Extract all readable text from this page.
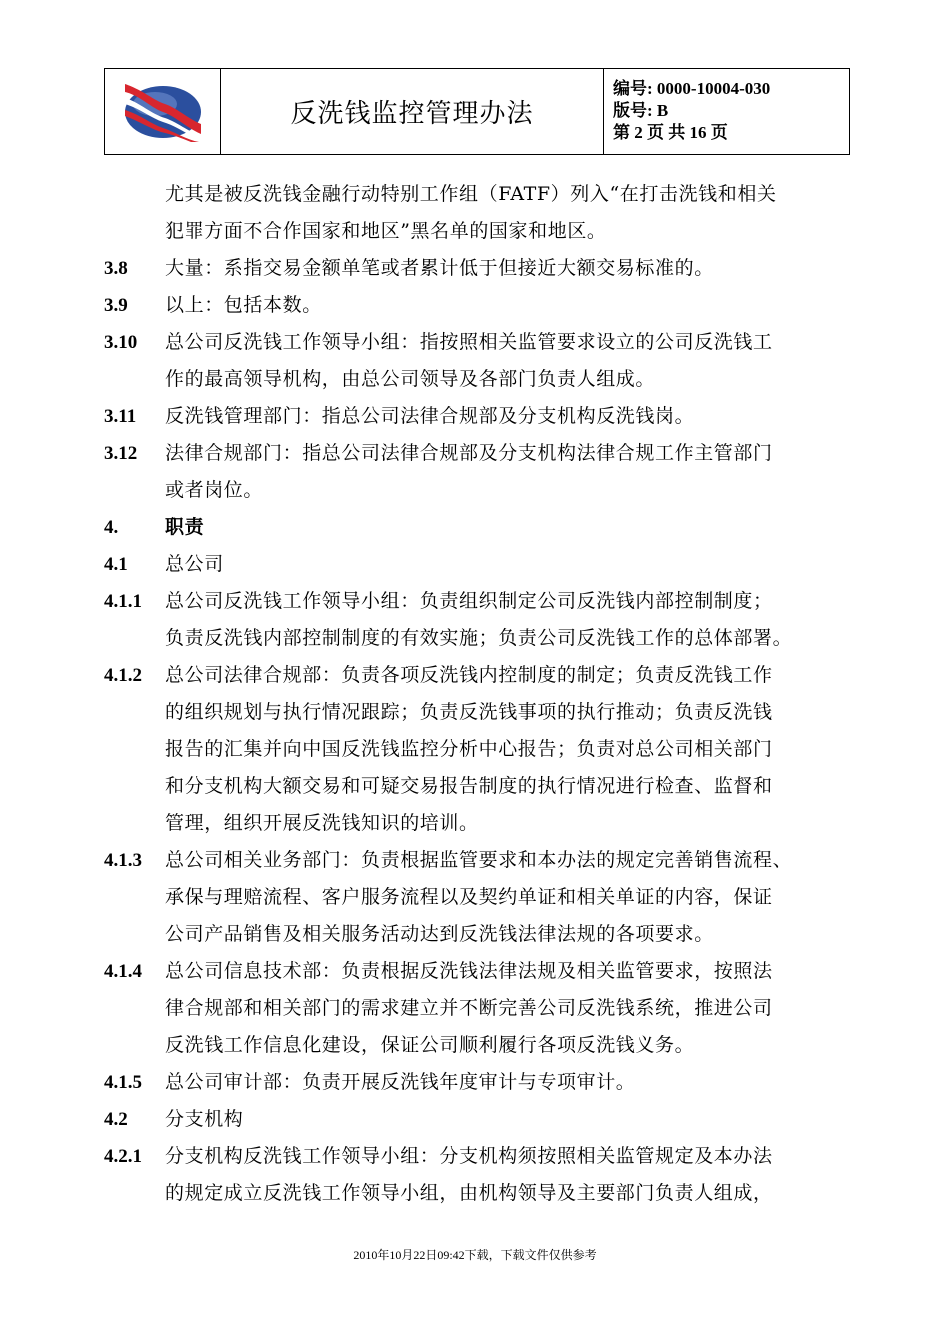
反洗钱监控管理办法
编号: 0000-10004-030
版号: B
第 2 页 共 16 页
尤其是被反洗钱金融行动特别工作组（FATF）列入“在打击洗钱和相关
犯罪方面不合作国家和地区”黑名单的国家和地区。
3.8 大量：系指交易金额单笔或者累计低于但接近大额交易标准的。
3.9 以上：包括本数。
3.10 总公司反洗钱工作领导小组：指按照相关监管要求设立的公司反洗钱工
作的最高领导机构，由总公司领导及各部门负责人组成。
3.11 反洗钱管理部门：指总公司法律合规部及分支机构反洗钱岗。
3.12 法律合规部门：指总公司法律合规部及分支机构法律合规工作主管部门
或者岗位。
4. 职责
4.1 总公司
4.1.1 总公司反洗钱工作领导小组：负责组织制定公司反洗钱内部控制制度；
负责反洗钱内部控制制度的有效实施；负责公司反洗钱工作的总体部署。
4.1.2 总公司法律合规部：负责各项反洗钱内控制度的制定；负责反洗钱工作
的组织规划与执行情况跟踪；负责反洗钱事项的执行推动；负责反洗钱
报告的汇集并向中国反洗钱监控分析中心报告；负责对总公司相关部门
和分支机构大额交易和可疑交易报告制度的执行情况进行检查、监督和
管理，组织开展反洗钱知识的培训。
4.1.3 总公司相关业务部门：负责根据监管要求和本办法的规定完善销售流程、
承保与理赔流程、客户服务流程以及契约单证和相关单证的内容，保证
公司产品销售及相关服务活动达到反洗钱法律法规的各项要求。
4.1.4 总公司信息技术部：负责根据反洗钱法律法规及相关监管要求，按照法
律合规部和相关部门的需求建立并不断完善公司反洗钱系统，推进公司
反洗钱工作信息化建设，保证公司顺利履行各项反洗钱义务。
4.1.5 总公司审计部：负责开展反洗钱年度审计与专项审计。
4.2 分支机构
4.2.1 分支机构反洗钱工作领导小组：分支机构须按照相关监管规定及本办法
的规定成立反洗钱工作领导小组，由机构领导及主要部门负责人组成，
2010年10月22日09:42下载，下载文件仅供参考
